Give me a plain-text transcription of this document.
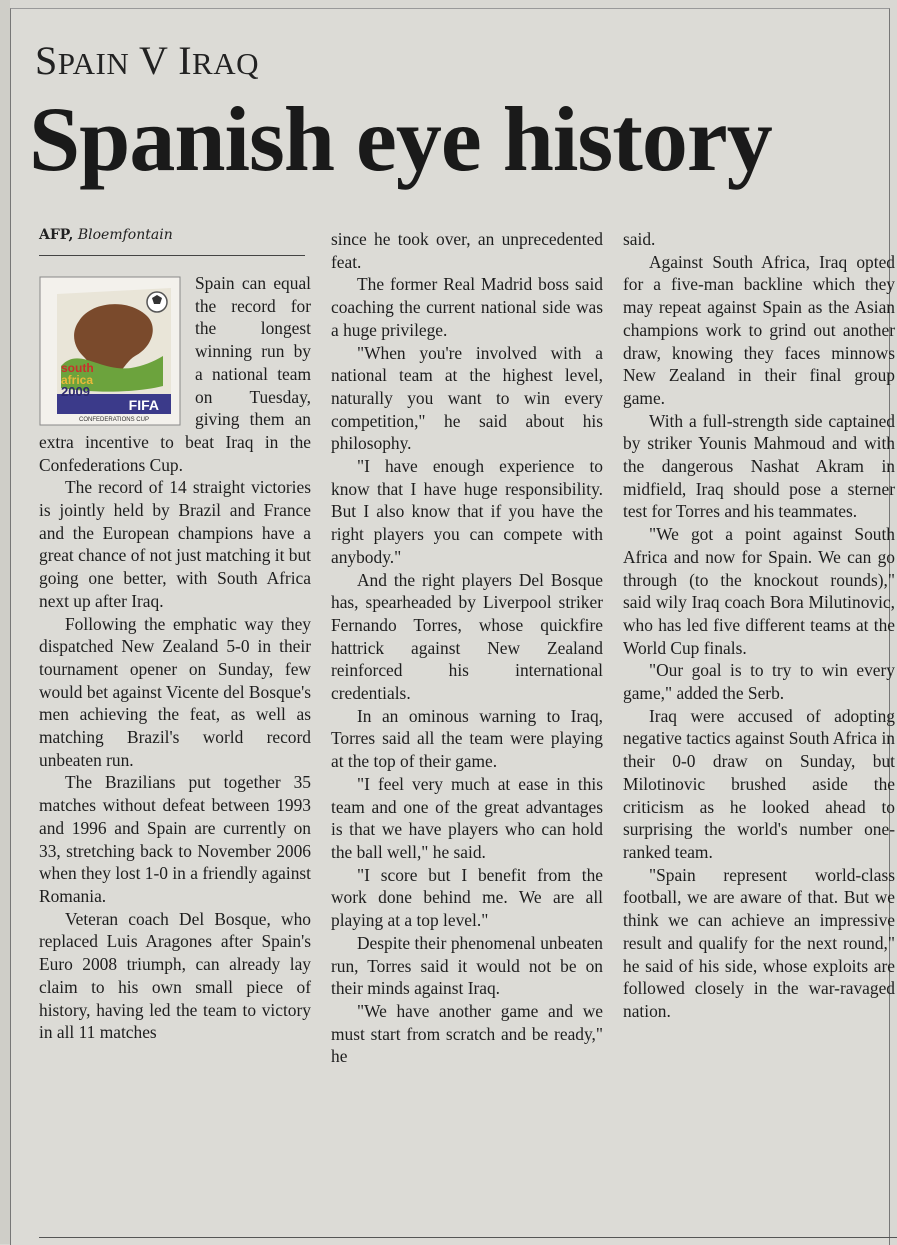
SPAIN V IRAQ
Spanish eye history
AFP, Bloemfontain
FIFA
CONFEDERATIONS CUP
south
africa
2009

Spain can equal the record for the longest winning run by a national team on Tuesday, giving them an extra incentive to beat Iraq in the Confederations Cup.

The record of 14 straight victories is jointly held by Brazil and France and the European champions have a great chance of not just matching it but going one better, with South Africa next up after Iraq.

Following the emphatic way they dispatched New Zealand 5-0 in their tournament opener on Sunday, few would bet against Vicente del Bosque's men achieving the feat, as well as matching Brazil's world record unbeaten run.

The Brazilians put together 35 matches without defeat between 1993 and 1996 and Spain are currently on 33, stretching back to November 2006 when they lost 1-0 in a friendly against Romania.

Veteran coach Del Bosque, who replaced Luis Aragones after Spain's Euro 2008 triumph, can already lay claim to his own small piece of history, having led the team to victory in all 11 matches

since he took over, an unprecedented feat.

The former Real Madrid boss said coaching the current national side was a huge privilege.

"When you're involved with a national team at the highest level, naturally you want to win every competition," he said about his philosophy.

"I have enough experience to know that I have huge responsibility. But I also know that if you have the right players you can compete with anybody."

And the right players Del Bosque has, spearheaded by Liverpool striker Fernando Torres, whose quickfire hattrick against New Zealand reinforced his international credentials.

In an ominous warning to Iraq, Torres said all the team were playing at the top of their game.

"I feel very much at ease in this team and one of the great advantages is that we have players who can hold the ball well," he said.

"I score but I benefit from the work done behind me. We are all playing at a top level."

Despite their phenomenal unbeaten run, Torres said it would not be on their minds against Iraq.

"We have another game and we must start from scratch and be ready," he

said.

Against South Africa, Iraq opted for a five-man backline which they may repeat against Spain as the Asian champions work to grind out another draw, knowing they faces minnows New Zealand in their final group game.

With a full-strength side captained by striker Younis Mahmoud and with the dangerous Nashat Akram in midfield, Iraq should pose a sterner test for Torres and his teammates.

"We got a point against South Africa and now for Spain. We can go through (to the knockout rounds)," said wily Iraq coach Bora Milutinovic, who has led five different teams at the World Cup finals.

"Our goal is to try to win every game," added the Serb.

Iraq were accused of adopting negative tactics against South Africa in their 0-0 draw on Sunday, but Milotinovic brushed aside the criticism as he looked ahead to surprising the world's number one-ranked team.

"Spain represent world-class football, we are aware of that. But we think we can achieve an impressive result and qualify for the next round," he said of his side, whose exploits are followed closely in the war-ravaged nation.
